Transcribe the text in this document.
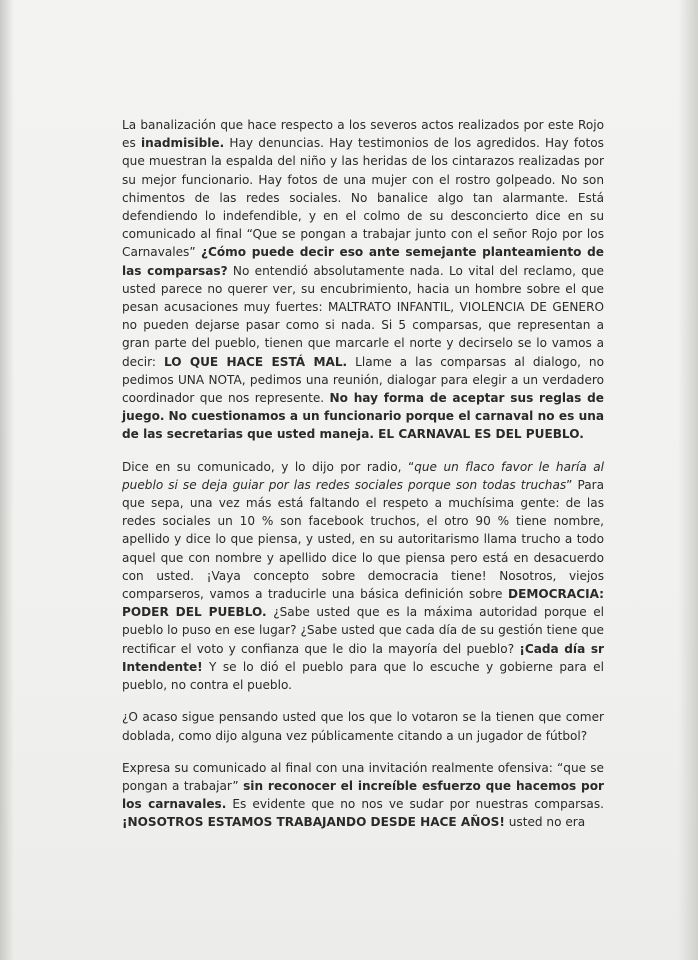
La banalización que hace respecto a los severos actos realizados por este Rojo es inadmisible. Hay denuncias. Hay testimonios de los agredidos. Hay fotos que muestran la espalda del niño y las heridas de los cintarazos realizadas por su mejor funcionario. Hay fotos de una mujer con el rostro golpeado. No son chimentos de las redes sociales. No banalice algo tan alarmante. Está defendiendo lo indefendible, y en el colmo de su desconcierto dice en su comunicado al final “Que se pongan a trabajar junto con el señor Rojo por los Carnavales” ¿Cómo puede decir eso ante semejante planteamiento de las comparsas? No entendió absolutamente nada. Lo vital del reclamo, que usted parece no querer ver, su encubrimiento, hacia un hombre sobre el que pesan acusaciones muy fuertes: MALTRATO INFANTIL, VIOLENCIA DE GENERO no pueden dejarse pasar como si nada. Si 5 comparsas, que representan a gran parte del pueblo, tienen que marcarle el norte y decirselo se lo vamos a decir: LO QUE HACE ESTÁ MAL. Llame a las comparsas al dialogo, no pedimos UNA NOTA, pedimos una reunión, dialogar para elegir a un verdadero coordinador que nos represente. No hay forma de aceptar sus reglas de juego. No cuestionamos a un funcionario porque el carnaval no es una de las secretarias que usted maneja. EL CARNAVAL ES DEL PUEBLO.

Dice en su comunicado, y lo dijo por radio, “que un flaco favor le haría al pueblo si se deja guiar por las redes sociales porque son todas truchas” Para que sepa, una vez más está faltando el respeto a muchísima gente: de las redes sociales un 10 % son facebook truchos, el otro 90 % tiene nombre, apellido y dice lo que piensa, y usted, en su autoritarismo llama trucho a todo aquel que con nombre y apellido dice lo que piensa pero está en desacuerdo con usted. ¡Vaya concepto sobre democracia tiene! Nosotros, viejos comparseros, vamos a traducirle una básica definición sobre DEMOCRACIA: PODER DEL PUEBLO. ¿Sabe usted que es la máxima autoridad porque el pueblo lo puso en ese lugar? ¿Sabe usted que cada día de su gestión tiene que rectificar el voto y confianza que le dio la mayoría del pueblo? ¡Cada día sr Intendente! Y se lo dió el pueblo para que lo escuche y gobierne para el pueblo, no contra el pueblo.

¿O acaso sigue pensando usted que los que lo votaron se la tienen que comer doblada, como dijo alguna vez públicamente citando a un jugador de fútbol?

Expresa su comunicado al final con una invitación realmente ofensiva: “que se pongan a trabajar” sin reconocer el increíble esfuerzo que hacemos por los carnavales. Es evidente que no nos ve sudar por nuestras comparsas. ¡NOSOTROS ESTAMOS TRABAJANDO DESDE HACE AÑOS! usted no era
